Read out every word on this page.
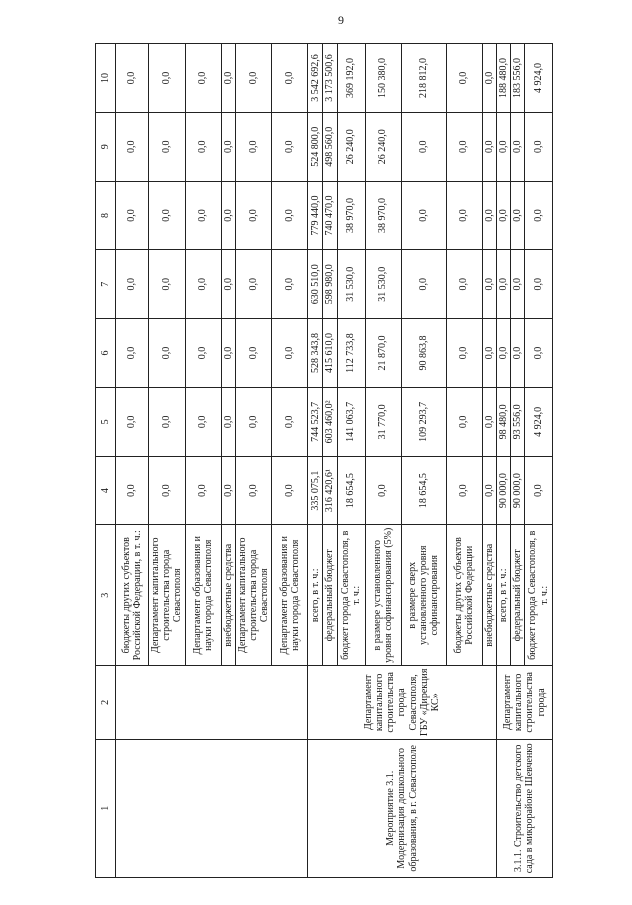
9
1	2	3	4	5	6	7	8	9	10
		бюджеты других субъектов Российской Федерации, в т. ч.:	0,0	0,0	0,0	0,0	0,0	0,0	0,0
		Департамент капитального строительства города Севастополя	0,0	0,0	0,0	0,0	0,0	0,0	0,0
		Департамент образования и науки города Севастополя	0,0	0,0	0,0	0,0	0,0	0,0	0,0
		внебюджетные средства	0,0	0,0	0,0	0,0	0,0	0,0	0,0
		Департамент капитального строительства города Севастополя	0,0	0,0	0,0	0,0	0,0	0,0	0,0
		Департамент образования и науки города Севастополя	0,0	0,0	0,0	0,0	0,0	0,0	0,0
Мероприятие 3.1. Модернизация дошкольного образования, в г. Севастополе	Департамент капитального строительства города Севастополя, ГБУ «Дирекция КС»	всего, в т. ч.:	335 075,1	744 523,7	528 343,8	630 510,0	779 440,0	524 800,0	3 542 692,6
		федеральный бюджет	316 420,6¹	603 460,0²	415 610,0	598 980,0	740 470,0	498 560,0	3 173 500,6
		бюджет города Севастополя, в т. ч.:	18 654,5	141 063,7	112 733,8	31 530,0	38 970,0	26 240,0	369 192,0
		в размере установленного уровня софинансирования (5%)	0,0	31 770,0	21 870,0	31 530,0	38 970,0	26 240,0	150 380,0
		в размере сверх установленного уровня софинансирования	18 654,5	109 293,7	90 863,8	0,0	0,0	0,0	218 812,0
		бюджеты других субъектов Российской Федерации	0,0	0,0	0,0	0,0	0,0	0,0	0,0
		внебюджетные средства	0,0	0,0	0,0	0,0	0,0	0,0	0,0
3.1.1. Строительство детского сада в микрорайоне Шевченко	Департамент капитального строительства города	всего, в т. ч.:	90 000,0	98 480,0	0,0	0,0	0,0	0,0	188 480,0
		федеральный бюджет	90 000,0	93 556,0	0,0	0,0	0,0	0,0	183 556,0
		бюджет города Севастополя, в т. ч.:	0,0	4 924,0	0,0	0,0	0,0	0,0	4 924,0
